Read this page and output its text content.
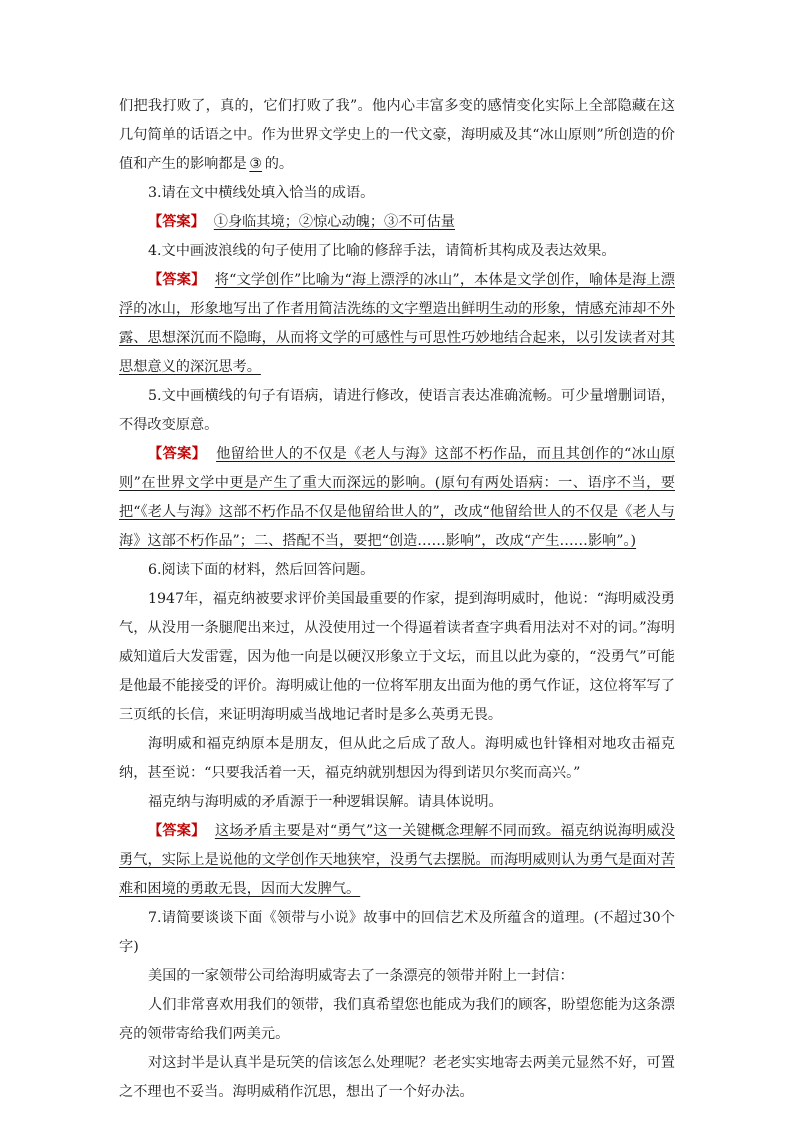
们把我打败了，真的，它们打败了我”。他内心丰富多变的感情变化实际上全部隐藏在这几句简单的话语之中。作为世界文学史上的一代文豪，海明威及其“冰山原则”所创造的价值和产生的影响都是 ③ 的。

3.请在文中横线处填入恰当的成语。

【答案】 ①身临其境；②惊心动魄；③不可估量

4.文中画波浪线的句子使用了比喻的修辞手法，请简析其构成及表达效果。

【答案】 将“文学创作”比喻为“海上漂浮的冰山”，本体是文学创作，喻体是海上漂浮的冰山，形象地写出了作者用简洁洗练的文字塑造出鲜明生动的形象，情感充沛却不外露、思想深沉而不隐晦，从而将文学的可感性与可思性巧妙地结合起来，以引发读者对其思想意义的深沉思考。

5.文中画横线的句子有语病，请进行修改，使语言表达准确流畅。可少量增删词语，不得改变原意。

【答案】 他留给世人的不仅是《老人与海》这部不朽作品，而且其创作的“冰山原则”在世界文学中更是产生了重大而深远的影响。(原句有两处语病：一、语序不当，要把“《老人与海》这部不朽作品不仅是他留给世人的”，改成“他留给世人的不仅是《老人与海》这部不朽作品”；二、搭配不当，要把“创造……影响”，改成“产生……影响”。)

6.阅读下面的材料，然后回答问题。

1947年，福克纳被要求评价美国最重要的作家，提到海明威时，他说：“海明威没勇气，从没用一条腿爬出来过，从没使用过一个得逼着读者查字典看用法对不对的词。”海明威知道后大发雷霆，因为他一向是以硬汉形象立于文坛，而且以此为豪的，“没勇气”可能是他最不能接受的评价。海明威让他的一位将军朋友出面为他的勇气作证，这位将军写了三页纸的长信，来证明海明威当战地记者时是多么英勇无畏。

海明威和福克纳原本是朋友，但从此之后成了敌人。海明威也针锋相对地攻击福克纳，甚至说：“只要我活着一天，福克纳就别想因为得到诺贝尔奖而高兴。”

福克纳与海明威的矛盾源于一种逻辑误解。请具体说明。

【答案】 这场矛盾主要是对“勇气”这一关键概念理解不同而致。福克纳说海明威没勇气，实际上是说他的文学创作天地狭窄，没勇气去摆脱。而海明威则认为勇气是面对苦难和困境的勇敢无畏，因而大发脾气。

7.请简要谈谈下面《领带与小说》故事中的回信艺术及所蕴含的道理。(不超过30个字)

美国的一家领带公司给海明威寄去了一条漂亮的领带并附上一封信：

人们非常喜欢用我们的领带，我们真希望您也能成为我们的顾客，盼望您能为这条漂亮的领带寄给我们两美元。

对这封半是认真半是玩笑的信该怎么处理呢？老老实实地寄去两美元显然不好，可置之不理也不妥当。海明威稍作沉思，想出了一个好办法。
